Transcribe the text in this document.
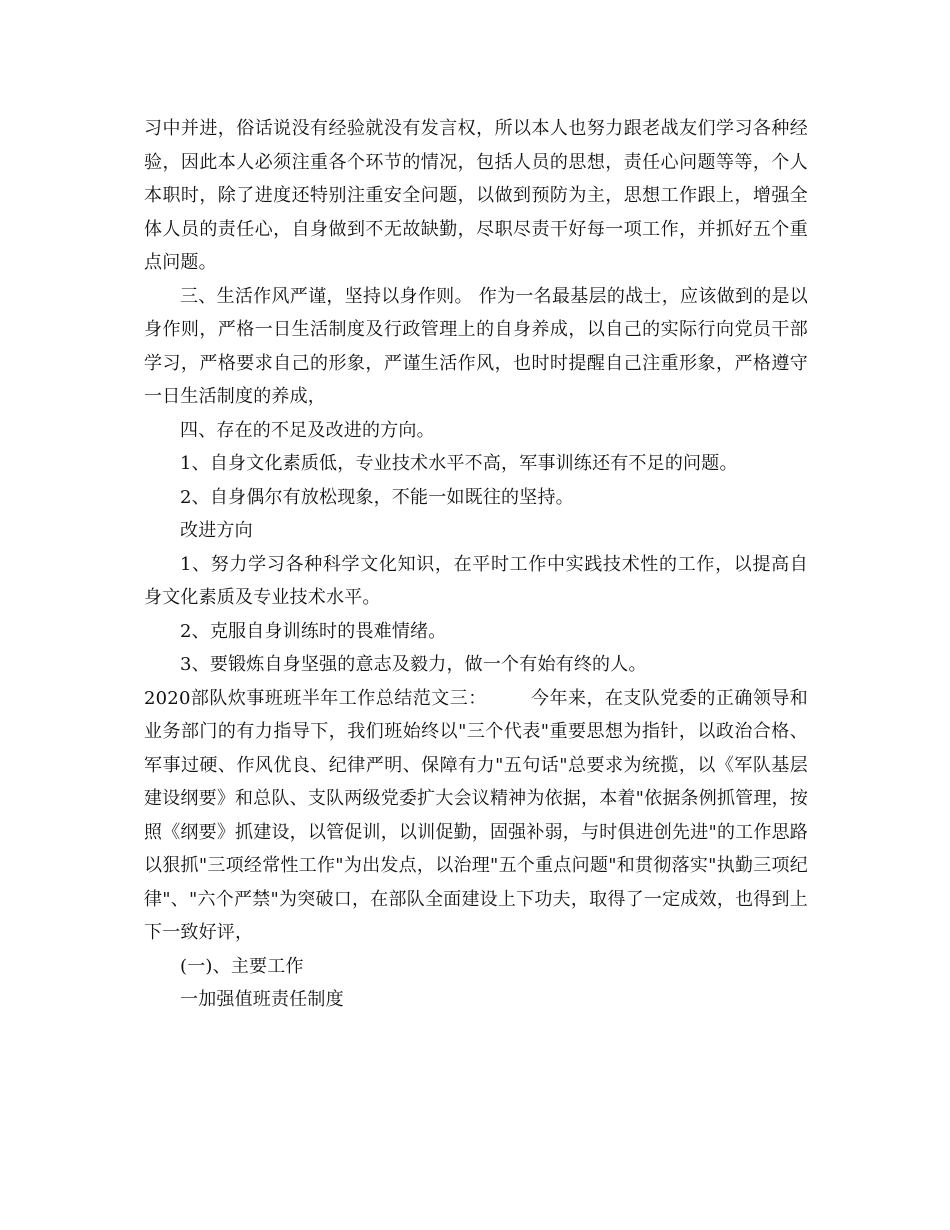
习中并进，俗话说没有经验就没有发言权，所以本人也努力跟老战友们学习各种经验，因此本人必须注重各个环节的情况，包括人员的思想，责任心问题等等，个人本职时，除了进度还特别注重安全问题，以做到预防为主，思想工作跟上，增强全体人员的责任心，自身做到不无故缺勤，尽职尽责干好每一项工作，并抓好五个重点问题。

三、生活作风严谨，坚持以身作则。 作为一名最基层的战士，应该做到的是以身作则，严格一日生活制度及行政管理上的自身养成，以自己的实际行向党员干部学习，严格要求自己的形象，严谨生活作风，也时时提醒自己注重形象，严格遵守一日生活制度的养成，

四、存在的不足及改进的方向。

1、自身文化素质低，专业技术水平不高，军事训练还有不足的问题。

2、自身偶尔有放松现象，不能一如既往的坚持。

改进方向

1、努力学习各种科学文化知识，在平时工作中实践技术性的工作，以提高自身文化素质及专业技术水平。

2、克服自身训练时的畏难情绪。

3、要锻炼自身坚强的意志及毅力，做一个有始有终的人。

2020部队炊事班班半年工作总结范文三： 今年来，在支队党委的正确领导和业务部门的有力指导下，我们班始终以"三个代表"重要思想为指针，以政治合格、军事过硬、作风优良、纪律严明、保障有力"五句话"总要求为统揽，以《军队基层建设纲要》和总队、支队两级党委扩大会议精神为依据，本着"依据条例抓管理，按照《纲要》抓建设，以管促训，以训促勤，固强补弱，与时俱进创先进"的工作思路以狠抓"三项经常性工作"为出发点，以治理"五个重点问题"和贯彻落实"执勤三项纪律"、"六个严禁"为突破口，在部队全面建设上下功夫，取得了一定成效，也得到上下一致好评，

(一)、主要工作

一加强值班责任制度
